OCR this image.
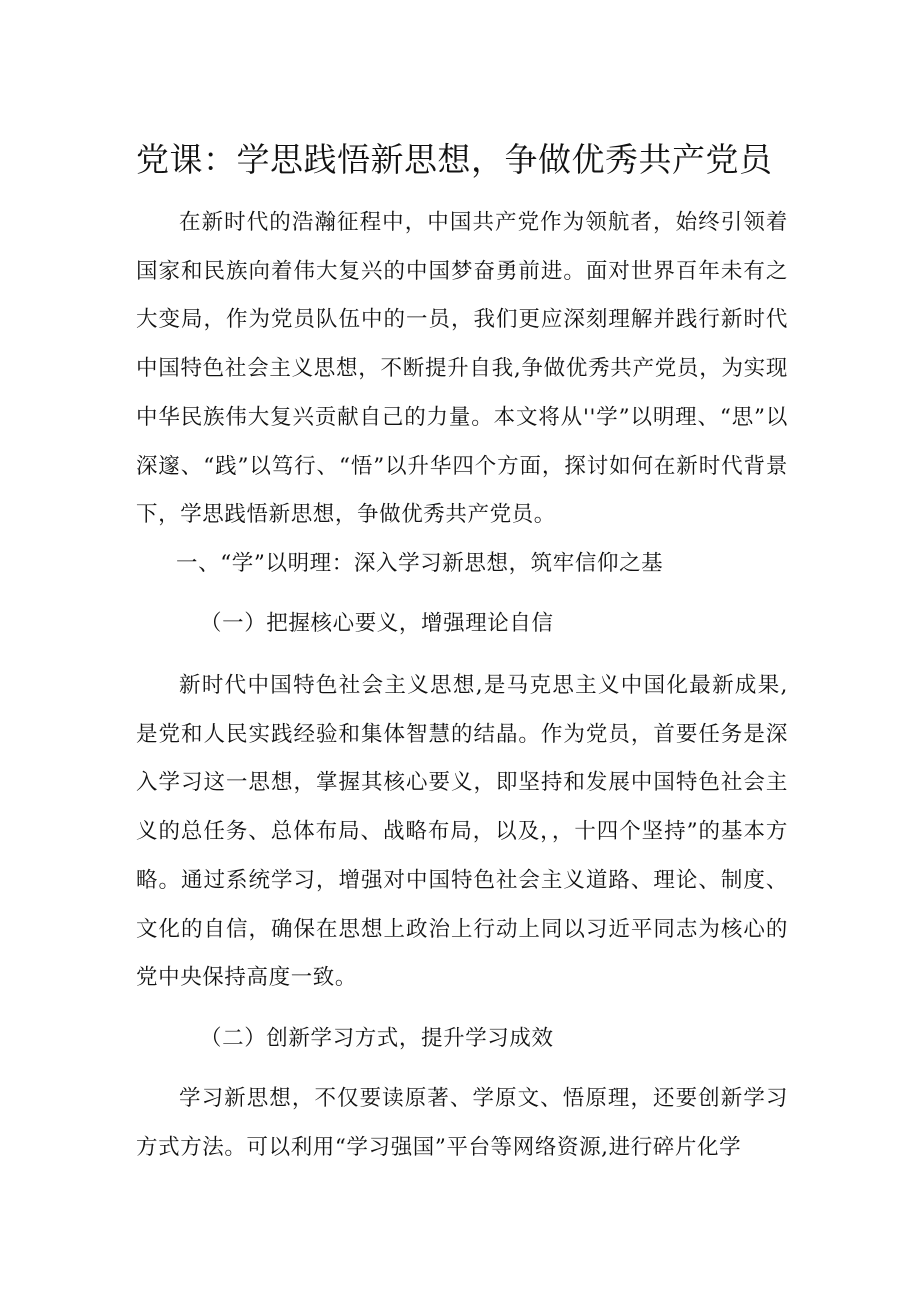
党课：学思践悟新思想，争做优秀共产党员

在新时代的浩瀚征程中，中国共产党作为领航者，始终引领着国家和民族向着伟大复兴的中国梦奋勇前进。面对世界百年未有之大变局，作为党员队伍中的一员，我们更应深刻理解并践行新时代中国特色社会主义思想，不断提升自我,争做优秀共产党员，为实现中华民族伟大复兴贡献自己的力量。本文将从''学”以明理、“思”以深邃、“践”以笃行、“悟”以升华四个方面，探讨如何在新时代背景下，学思践悟新思想，争做优秀共产党员。

一、“学”以明理：深入学习新思想，筑牢信仰之基
（一）把握核心要义，增强理论自信

新时代中国特色社会主义思想,是马克思主义中国化最新成果,是党和人民实践经验和集体智慧的结晶。作为党员，首要任务是深入学习这一思想，掌握其核心要义，即坚持和发展中国特色社会主义的总任务、总体布局、战略布局，以及，，十四个坚持”的基本方略。通过系统学习，增强对中国特色社会主义道路、理论、制度、文化的自信，确保在思想上政治上行动上同以习近平同志为核心的党中央保持高度一致。

（二）创新学习方式，提升学习成效

学习新思想，不仅要读原著、学原文、悟原理，还要创新学习方式方法。可以利用“学习强国”平台等网络资源,进行碎片化学
